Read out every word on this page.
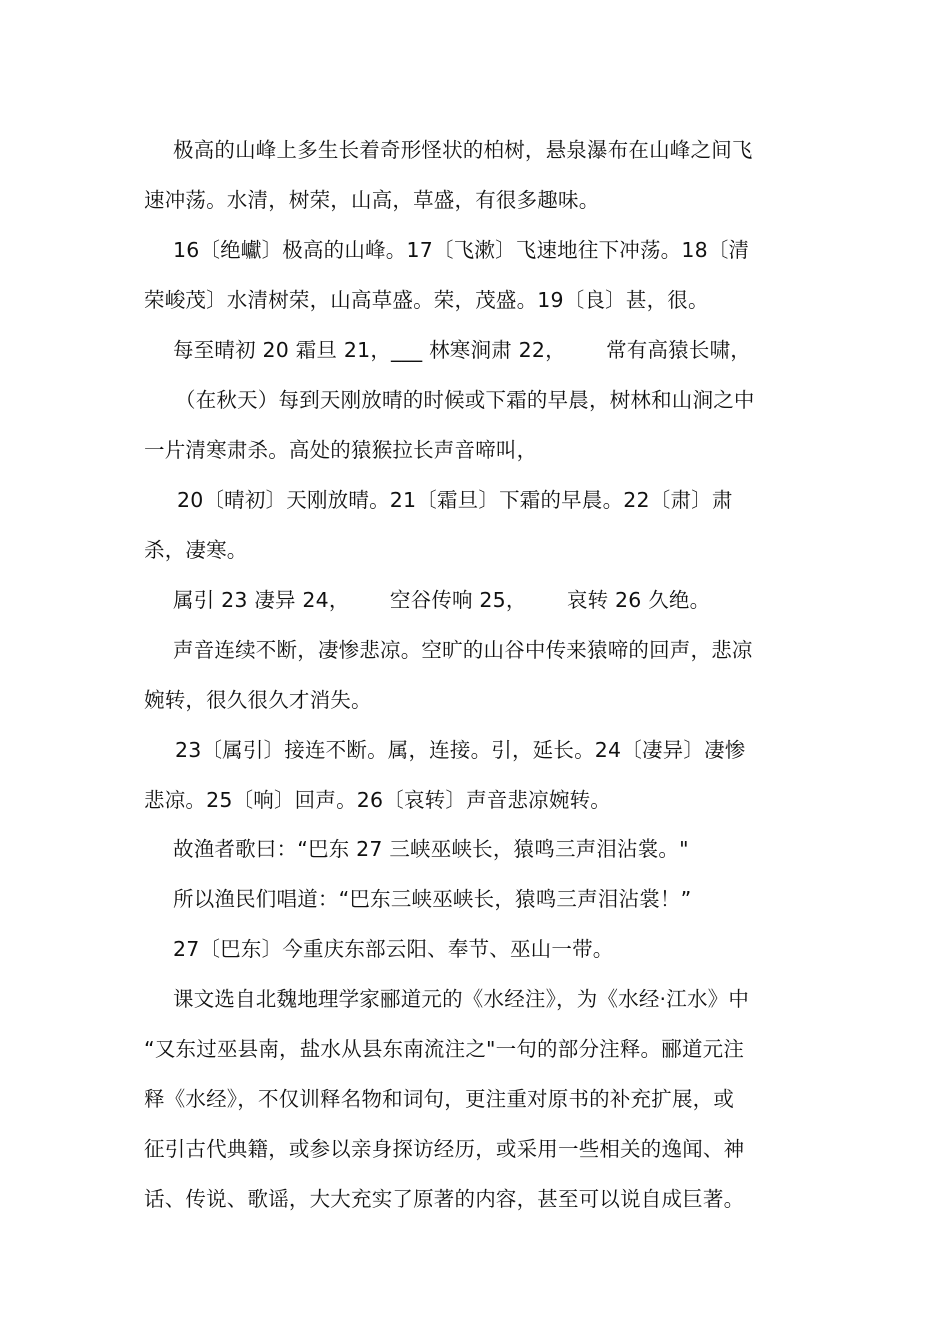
极高的山峰上多生长着奇形怪状的柏树，悬泉瀑布在山峰之间飞
速冲荡。水清，树荣，山高，草盛，有很多趣味。
16〔绝巘〕极高的山峰。17〔飞漱〕飞速地往下冲荡。18〔清
荣峻茂〕水清树荣，山高草盛。荣，茂盛。19〔良〕甚，很。
每至晴初 20 霜旦 21，___ 林寒涧肃 22，      常有高猿长啸，
（在秋天）每到天刚放晴的时候或下霜的早晨，树林和山涧之中
一片清寒肃杀。高处的猿猴拉长声音啼叫，
20〔晴初〕天刚放晴。21〔霜旦〕下霜的早晨。22〔肃〕肃
杀，凄寒。
属引 23 凄异 24，      空谷传响 25，      哀转 26 久绝。
声音连续不断，凄惨悲凉。空旷的山谷中传来猿啼的回声，悲凉
婉转，很久很久才消失。
23〔属引〕接连不断。属，连接。引，延长。24〔凄异〕凄惨
悲凉。25〔响〕回声。26〔哀转〕声音悲凉婉转。
故渔者歌曰：“巴东 27 三峡巫峡长，猿鸣三声泪沾裳。"
所以渔民们唱道：“巴东三峡巫峡长，猿鸣三声泪沾裳！”
27〔巴东〕今重庆东部云阳、奉节、巫山一带。
课文选自北魏地理学家郦道元的《水经注》，为《水经·江水》中
“又东过巫县南，盐水从县东南流注之"一句的部分注释。郦道元注
释《水经》，不仅训释名物和词句，更注重对原书的补充扩展，或
征引古代典籍，或参以亲身探访经历，或采用一些相关的逸闻、神
话、传说、歌谣，大大充实了原著的内容，甚至可以说自成巨著。
